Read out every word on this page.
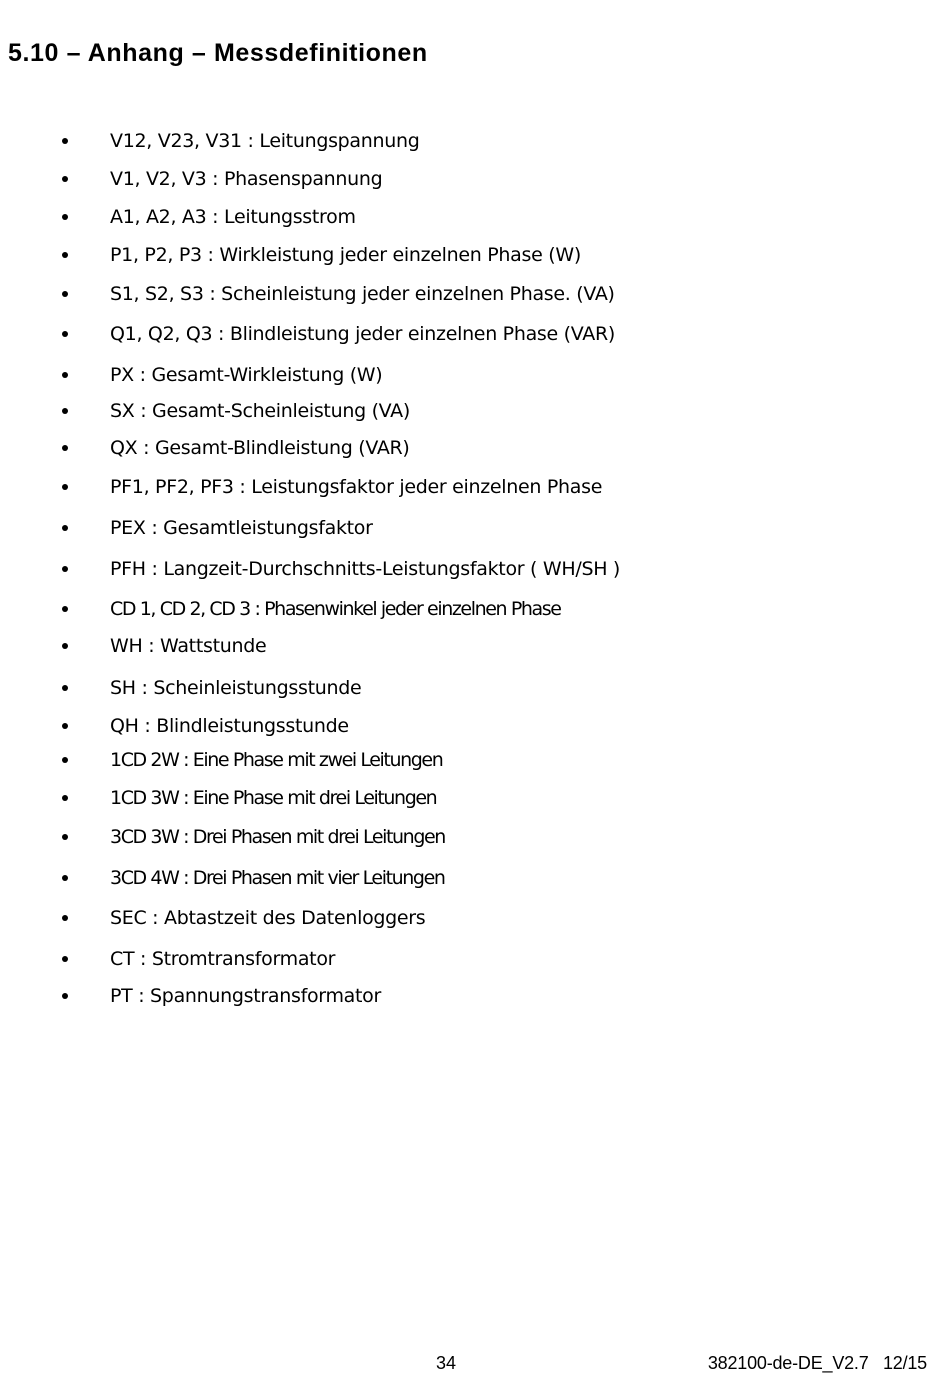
5.10 – Anhang – Messdefinitionen
V12, V23, V31 : Leitungspannung
V1, V2, V3 : Phasenspannung
A1, A2, A3 : Leitungsstrom
P1, P2, P3 : Wirkleistung jeder einzelnen Phase (W)
S1, S2, S3 : Scheinleistung jeder einzelnen Phase. (VA)
Q1, Q2, Q3 : Blindleistung jeder einzelnen Phase (VAR)
PX : Gesamt-Wirkleistung (W)
SX : Gesamt-Scheinleistung (VA)
QX : Gesamt-Blindleistung (VAR)
PF1, PF2, PF3 : Leistungsfaktor jeder einzelnen Phase
PEX : Gesamtleistungsfaktor
PFH : Langzeit-Durchschnitts-Leistungsfaktor ( WH/SH )
CD 1, CD 2, CD 3 : Phasenwinkel jeder einzelnen Phase
WH : Wattstunde
SH : Scheinleistungsstunde
QH : Blindleistungsstunde
1CD 2W : Eine Phase mit zwei Leitungen
1CD 3W : Eine Phase mit drei Leitungen
3CD 3W : Drei Phasen mit drei Leitungen
3CD 4W : Drei Phasen mit vier Leitungen
SEC : Abtastzeit des Datenloggers
CT : Stromtransformator
PT : Spannungstransformator
34	382100-de-DE_V2.7   12/15
